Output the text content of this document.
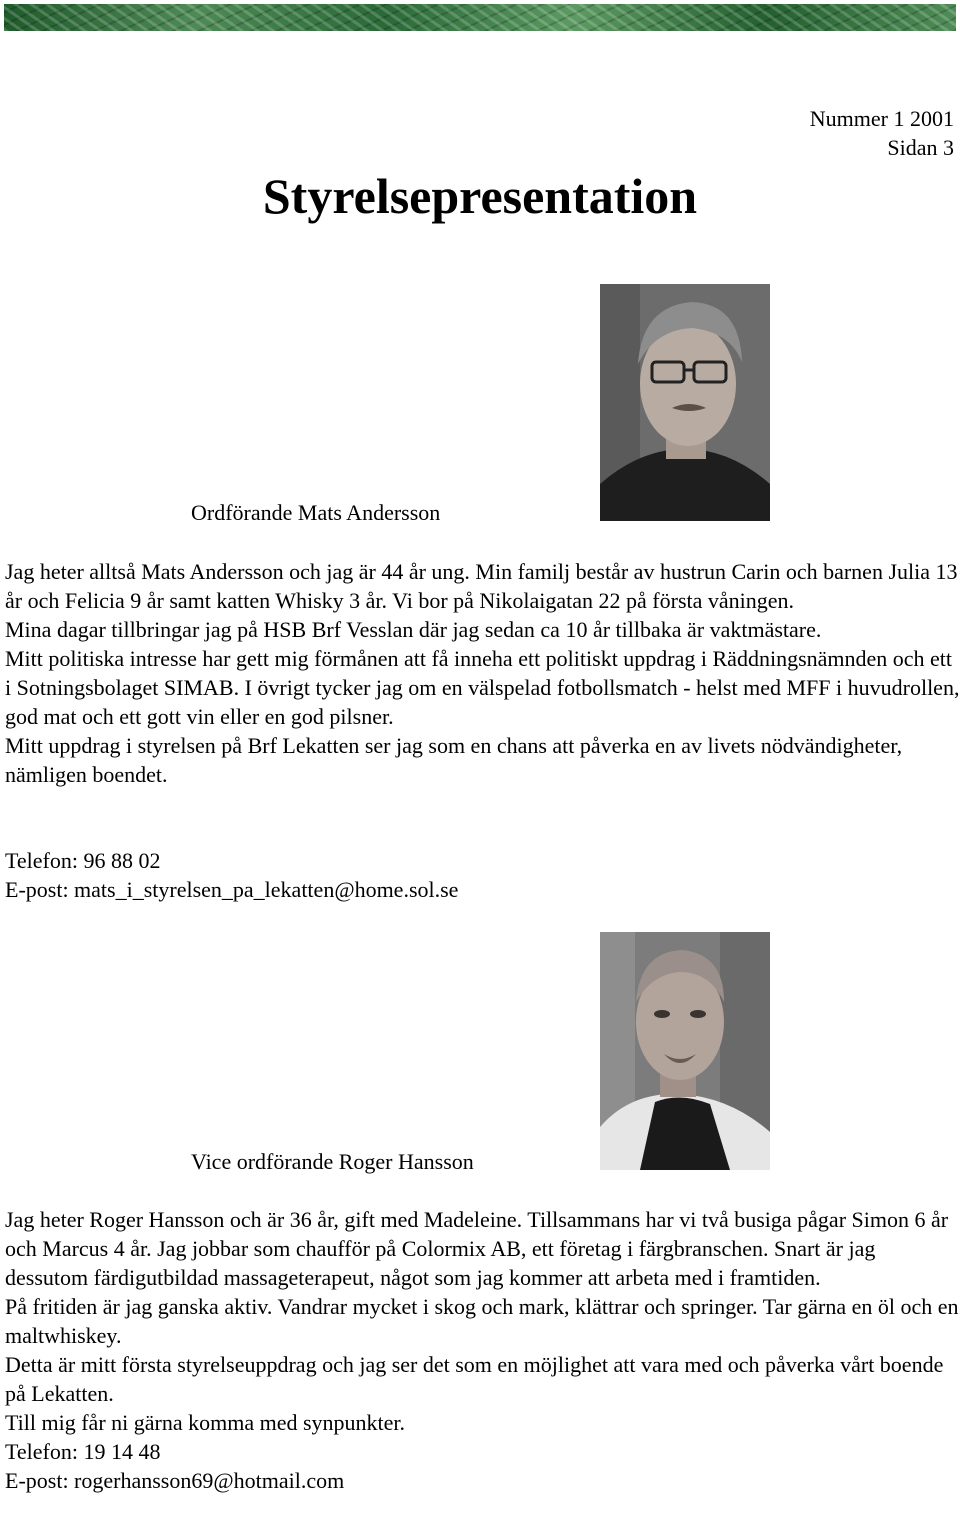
Nummer 1 2001
Sidan 3
Styrelsepresentation
Ordförande Mats Andersson

Jag heter alltså Mats Andersson och jag är 44 år ung. Min familj består av hustrun Carin och barnen Julia 13 år och Felicia 9 år samt katten Whisky 3 år. Vi bor på Nikolaigatan 22 på första våningen.

Mina dagar tillbringar jag på HSB Brf Vesslan där jag sedan ca 10 år tillbaka är vaktmästare.

Mitt politiska intresse har gett mig förmånen att få inneha ett politiskt uppdrag i Räddningsnämnden och ett i Sotningsbolaget SIMAB. I övrigt tycker jag om en välspelad fotbollsmatch - helst med MFF i huvudrollen, god mat och ett gott vin eller en god pilsner.

Mitt uppdrag i styrelsen på Brf Lekatten ser jag som en chans att påverka en av livets nödvändigheter, nämligen boendet.

Telefon: 96 88 02

E-post: mats_i_styrelsen_pa_lekatten@home.sol.se

Vice ordförande Roger Hansson

Jag heter Roger Hansson och är 36 år, gift med Madeleine. Tillsammans har vi två busiga pågar Simon 6 år och Marcus 4 år. Jag jobbar som chaufför på Colormix AB, ett företag i färgbranschen. Snart är jag dessutom färdigutbildad massageterapeut, något som jag kommer att arbeta med i framtiden.

På fritiden är jag ganska aktiv. Vandrar mycket i skog och mark, klättrar och springer. Tar gärna en öl och en maltwhiskey.

Detta är mitt första styrelseuppdrag och jag ser det som en möjlighet att vara med och påverka vårt boende på Lekatten.

Till mig får ni gärna komma med synpunkter.

Telefon: 19 14 48

E-post: rogerhansson69@hotmail.com
